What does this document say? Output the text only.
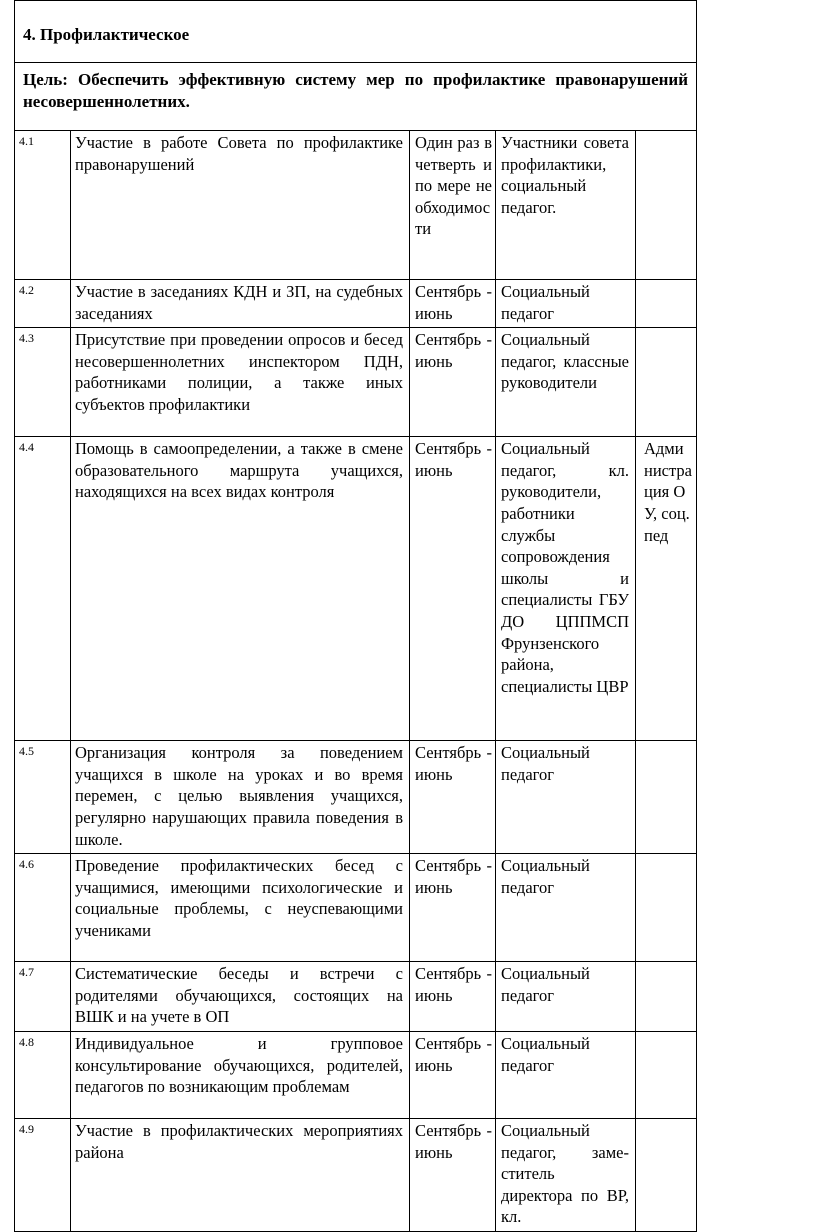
4. Профилактическое				
Цель: Обеспечить эффективную систему мер по профилактике правонарушений несовершеннолетних.				
4.1	Участие в работе Совета по профилактике правонарушений	Один раз в четверть и по мере необходимости	Участники совета профилактики, социальный педагог.	
4.2	Участие в заседаниях КДН и ЗП, на судебных заседаниях	Сентябрь - июнь	Социальный педагог	
4.3	Присутствие при проведении опросов и бесед несовершеннолетних инспектором ПДН, работниками полиции, а также иных субъектов профилактики	Сентябрь - июнь	Социальный педагог, классные руководители	
4.4	Помощь в самоопределении, а также в смене образовательного маршрута учащихся, находящихся на всех видах контроля	Сентябрь - июнь	Социальный педагог, кл. руководители, работники службы сопровождения школы и специалисты ГБУ ДО ЦППМСП Фрунзенского района, специалисты ЦВР	Администрация ОУ, соц. пед
4.5	Организация контроля за поведением учащихся в школе на уроках и во время перемен, с целью выявления учащихся, регулярно нарушающих правила поведения в школе.	Сентябрь - июнь	Социальный педагог	
4.6	Проведение профилактических бесед с учащимися, имеющими психологические и социальные проблемы, с неуспевающими учениками	Сентябрь - июнь	Социальный педагог	
4.7	Систематические беседы и встречи с родителями обучающихся, состоящих на ВШК и на учете в ОП	Сентябрь - июнь	Социальный педагог	
4.8	Индивидуальное и групповое консультирование обучающихся, родителей, педагогов по возникающим проблемам	Сентябрь - июнь	Социальный педагог	
4.9	Участие в профилактических мероприятиях района	Сентябрь - июнь	Социальный педагог, заме-ститель директора по ВР, кл.	
